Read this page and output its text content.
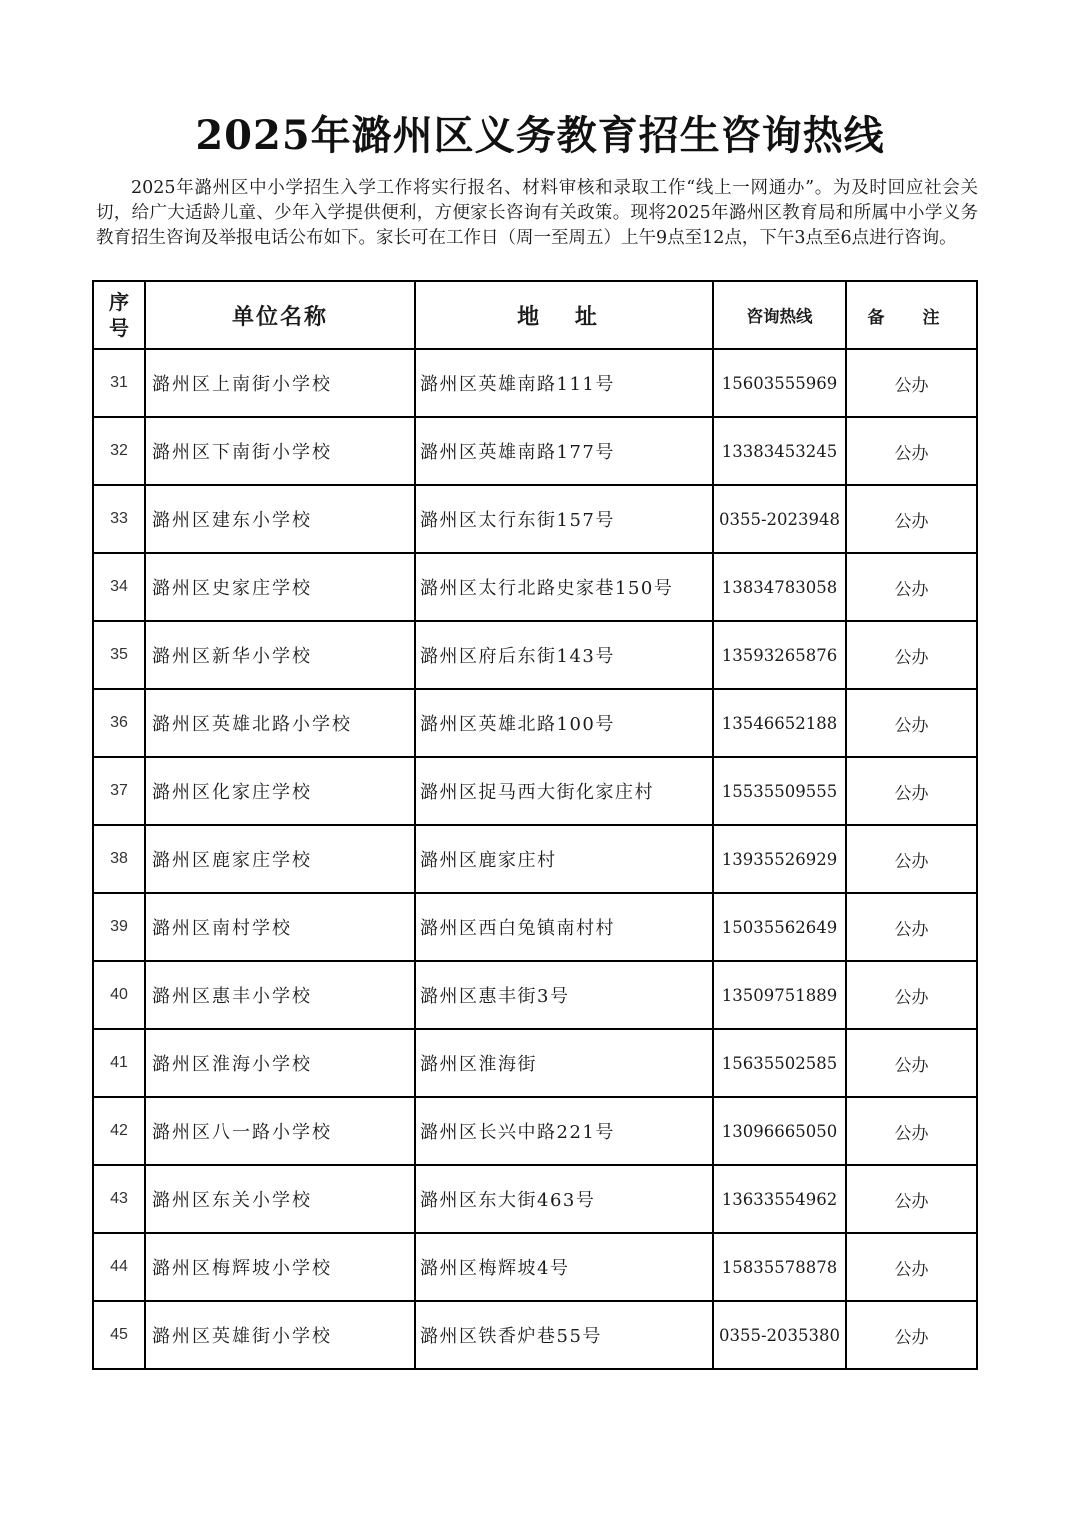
2025年潞州区义务教育招生咨询热线
2025年潞州区中小学招生入学工作将实行报名、材料审核和录取工作“线上一网通办”。为及时回应社会关切，给广大适龄儿童、少年入学提供便利，方便家长咨询有关政策。现将2025年潞州区教育局和所属中小学义务教育招生咨询及举报电话公布如下。家长可在工作日（周一至周五）上午9点至12点，下午3点至6点进行咨询。
序
号	单位名称	地 址	咨询热线	备 注
31	潞州区上南街小学校	潞州区英雄南路111号	15603555969	公办
32	潞州区下南街小学校	潞州区英雄南路177号	13383453245	公办
33	潞州区建东小学校	潞州区太行东街157号	0355-2023948	公办
34	潞州区史家庄学校	潞州区太行北路史家巷150号	13834783058	公办
35	潞州区新华小学校	潞州区府后东街143号	13593265876	公办
36	潞州区英雄北路小学校	潞州区英雄北路100号	13546652188	公办
37	潞州区化家庄学校	潞州区捉马西大街化家庄村	15535509555	公办
38	潞州区鹿家庄学校	潞州区鹿家庄村	13935526929	公办
39	潞州区南村学校	潞州区西白兔镇南村村	15035562649	公办
40	潞州区惠丰小学校	潞州区惠丰街3号	13509751889	公办
41	潞州区淮海小学校	潞州区淮海街	15635502585	公办
42	潞州区八一路小学校	潞州区长兴中路221号	13096665050	公办
43	潞州区东关小学校	潞州区东大街463号	13633554962	公办
44	潞州区梅辉坡小学校	潞州区梅辉坡4号	15835578878	公办
45	潞州区英雄街小学校	潞州区铁香炉巷55号	0355-2035380	公办
